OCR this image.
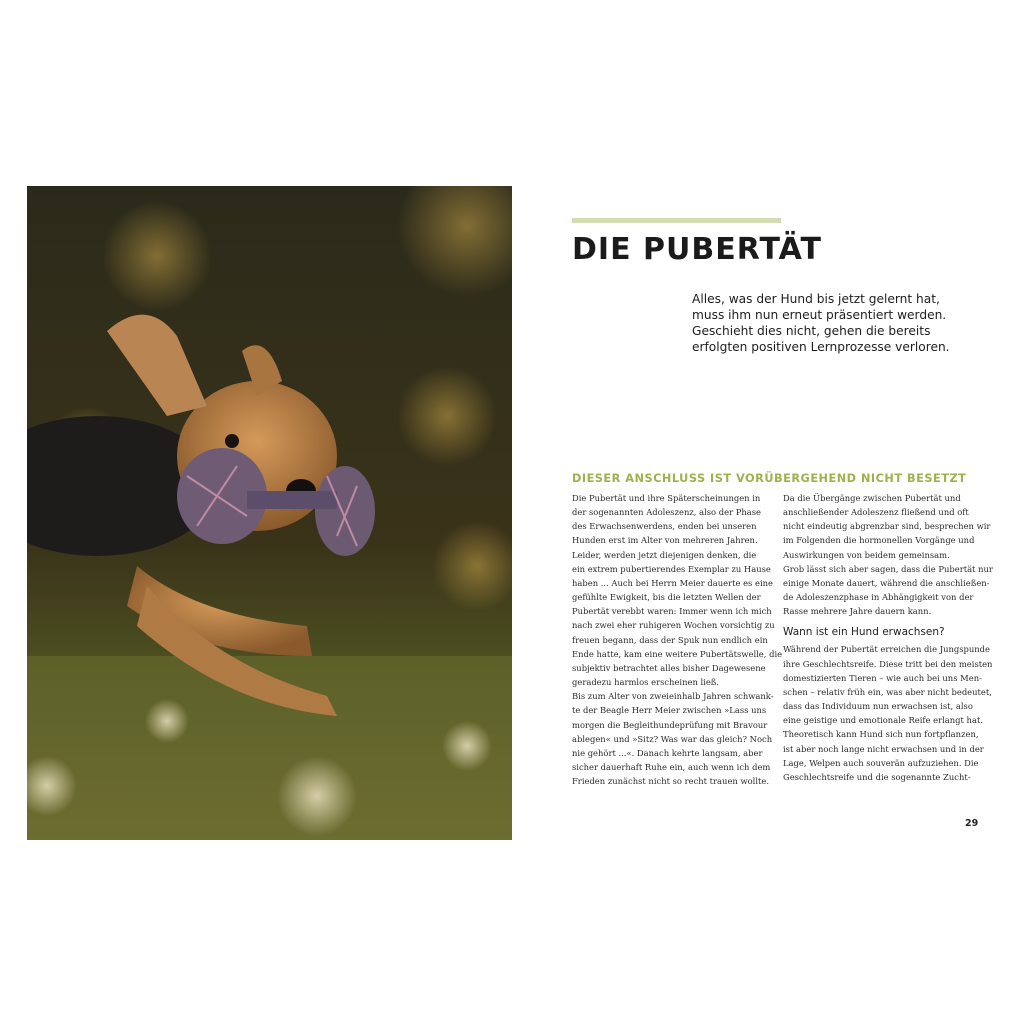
DIE PUBERTÄT

Alles, was der Hund bis jetzt gelernt hat,
muss ihm nun erneut präsentiert werden.
Geschieht dies nicht, gehen die bereits
erfolgten positiven Lernprozesse verloren.

DIESER ANSCHLUSS IST VORÜBERGEHEND NICHT BESETZT
Die Pubertät und ihre Späterscheinungen in
der sogenannten Adoleszenz, also der Phase
des Erwachsenwerdens, enden bei unseren
Hunden erst im Alter von mehreren Jahren.
Leider, werden jetzt diejenigen denken, die
ein extrem pubertierendes Exemplar zu Hause
haben ... Auch bei Herrn Meier dauerte es eine
gefühlte Ewigkeit, bis die letzten Wellen der
Pubertät verebbt waren: Immer wenn ich mich
nach zwei eher ruhigeren Wochen vorsichtig zu
freuen begann, dass der Spuk nun endlich ein
Ende hatte, kam eine weitere Pubertätswelle, die
subjektiv betrachtet alles bisher Dagewesene
geradezu harmlos erscheinen ließ.
Bis zum Alter von zweieinhalb Jahren schwank-
te der Beagle Herr Meier zwischen »Lass uns
morgen die Begleithundeprüfung mit Bravour
ablegen« und »Sitz? Was war das gleich? Noch
nie gehört ...«. Danach kehrte langsam, aber
sicher dauerhaft Ruhe ein, auch wenn ich dem
Frieden zunächst nicht so recht trauen wollte.
Da die Übergänge zwischen Pubertät und
anschließender Adoleszenz fließend und oft
nicht eindeutig abgrenzbar sind, besprechen wir
im Folgenden die hormonellen Vorgänge und
Auswirkungen von beidem gemeinsam.
Grob lässt sich aber sagen, dass die Pubertät nur
einige Monate dauert, während die anschließen-
de Adoleszenzphase in Abhängigkeit von der
Rasse mehrere Jahre dauern kann.
Wann ist ein Hund erwachsen?
Während der Pubertät erreichen die Jungspunde
ihre Geschlechtsreife. Diese tritt bei den meisten
domestizierten Tieren – wie auch bei uns Men-
schen – relativ früh ein, was aber nicht bedeutet,
dass das Individuum nun erwachsen ist, also
eine geistige und emotionale Reife erlangt hat.
Theoretisch kann Hund sich nun fortpflanzen,
ist aber noch lange nicht erwachsen und in der
Lage, Welpen auch souverän aufzuziehen. Die
Geschlechtsreife und die sogenannte Zucht-
29
